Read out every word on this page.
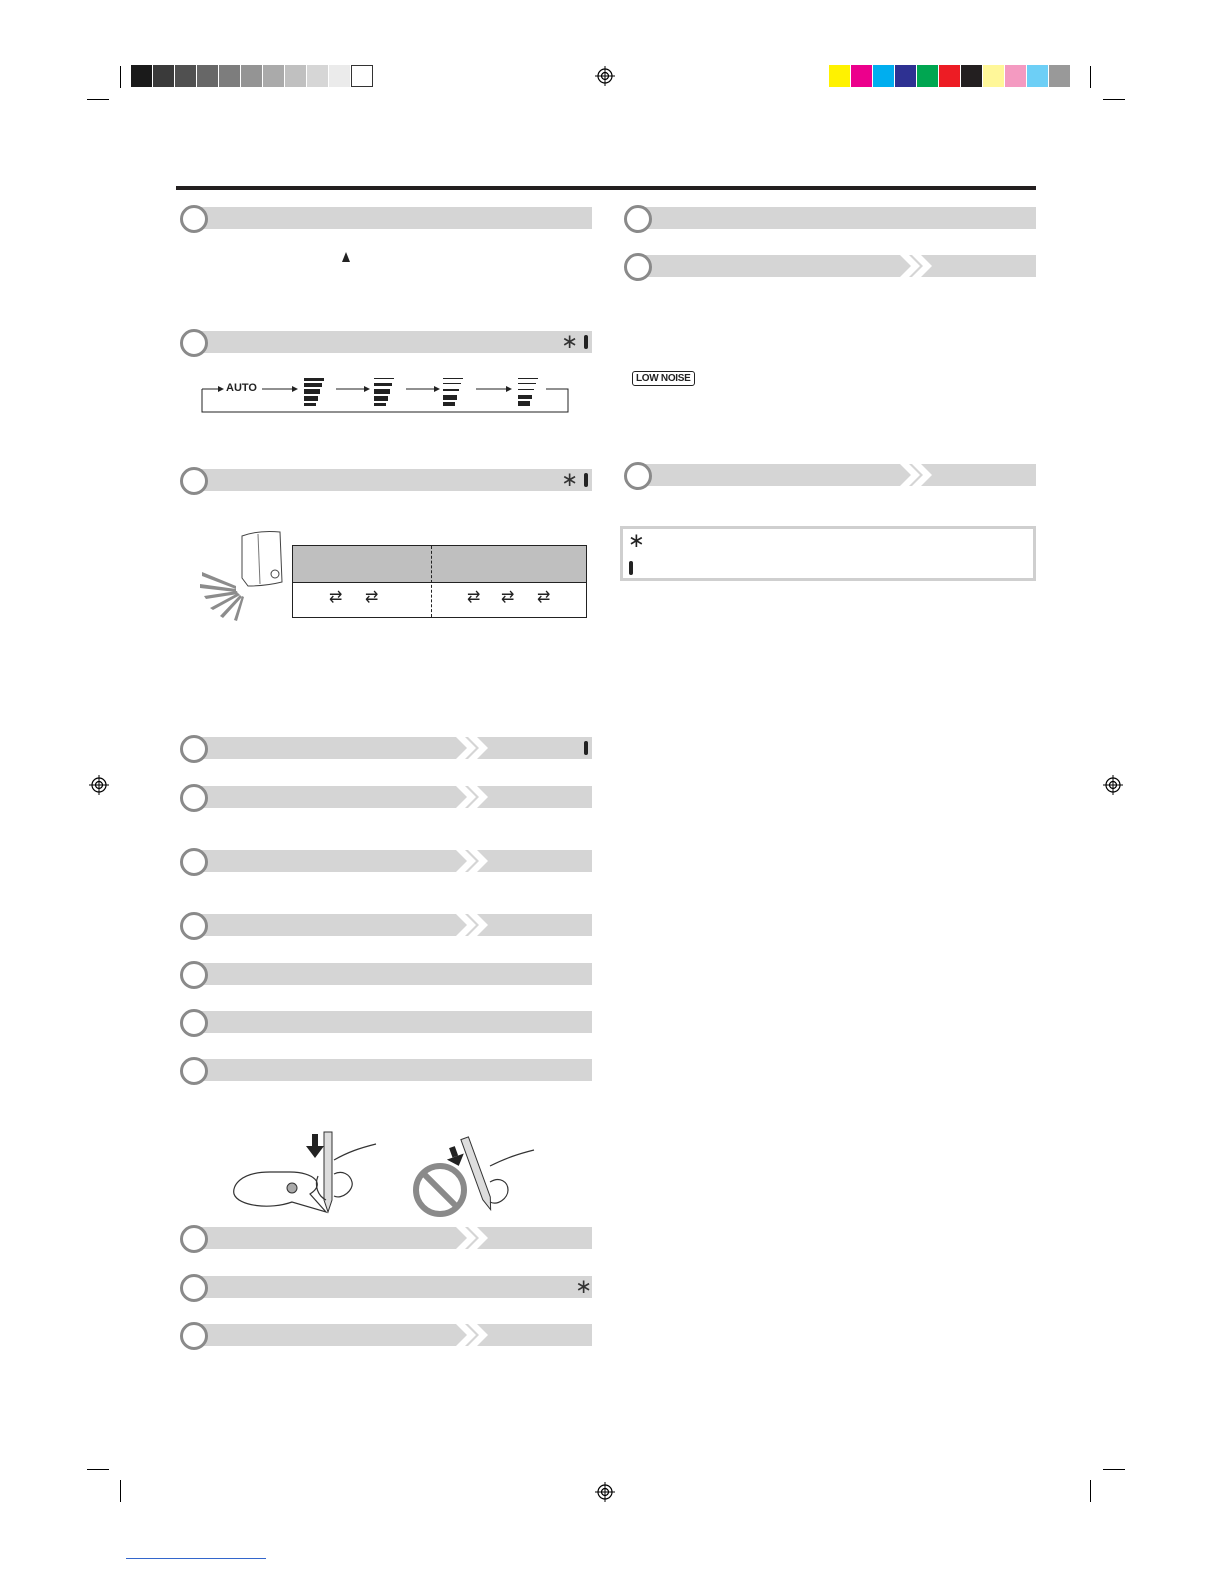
∗
AUTO
∗
⇄ ⇄	⇄ ⇄ ⇄
∗
LOW NOISE
∗
